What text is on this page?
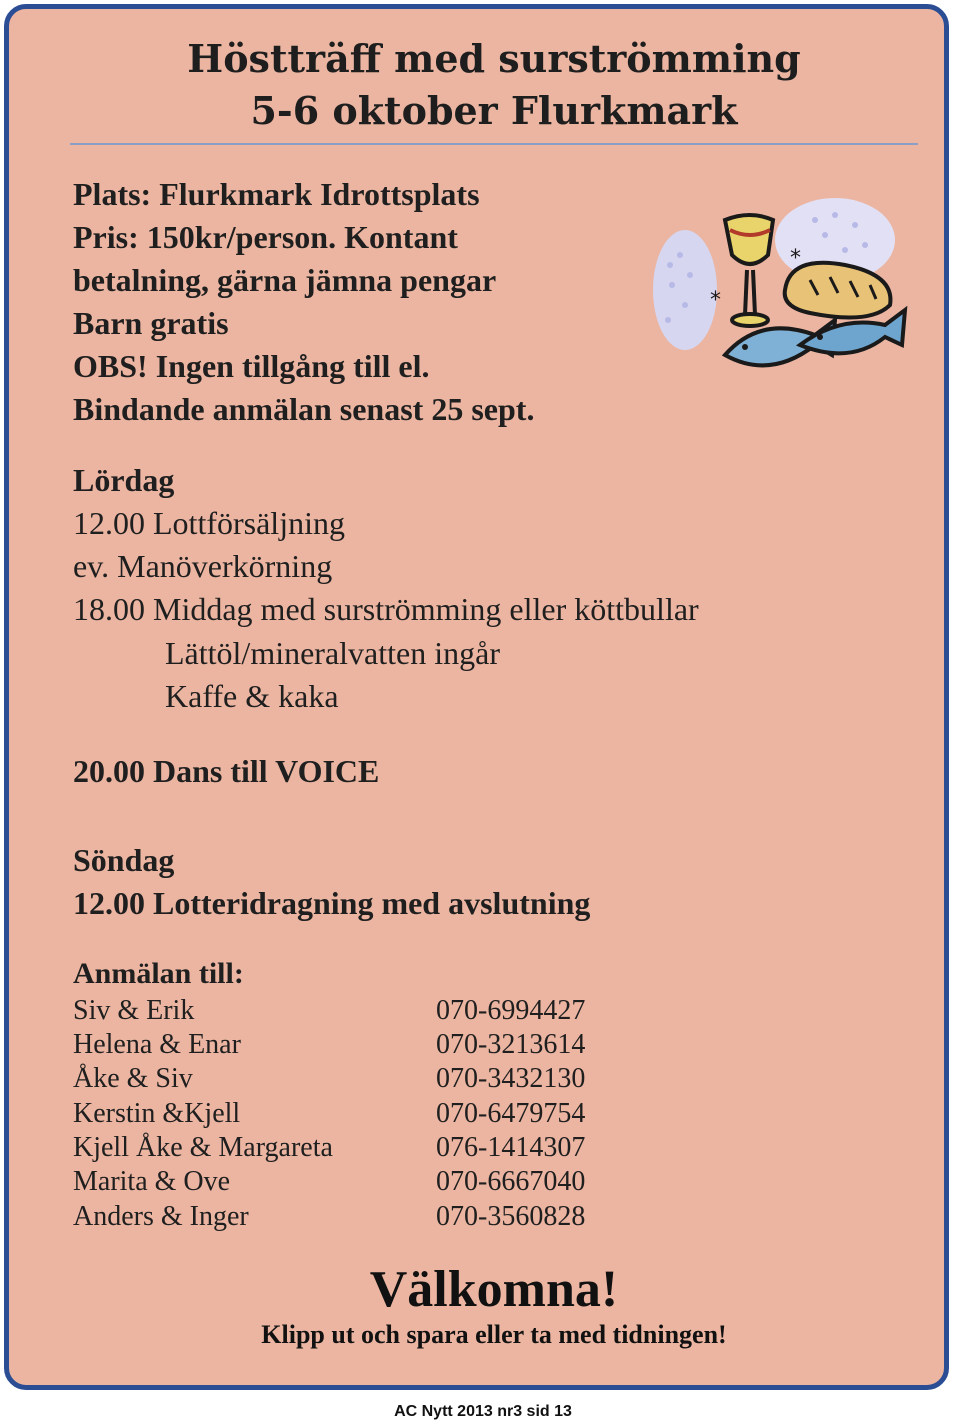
Höstträff med surströmming
5-6 oktober Flurkmark

Plats: Flurkmark Idrottsplats

Pris: 150kr/person. Kontant

betalning, gärna jämna pengar

Barn gratis

OBS! Ingen tillgång till el.

Bindande anmälan senast 25 sept.

*
*

Lördag

12.00 Lottförsäljning

ev. Manöverkörning

18.00 Middag med surströmming eller köttbullar

Lättöl/mineralvatten ingår

Kaffe & kaka

20.00 Dans till VOICE

Söndag

12.00 Lotteridragning med avslutning

Anmälan till:

Siv & Erik	070-6994427
Helena & Enar	070-3213614
Åke & Siv	070-3432130
Kerstin &Kjell	070-6479754
Kjell Åke & Margareta	076-1414307
Marita & Ove	070-6667040
Anders & Inger	070-3560828
Välkomna!
Klipp ut och spara eller ta med tidningen!
AC Nytt 2013 nr3 sid 13
